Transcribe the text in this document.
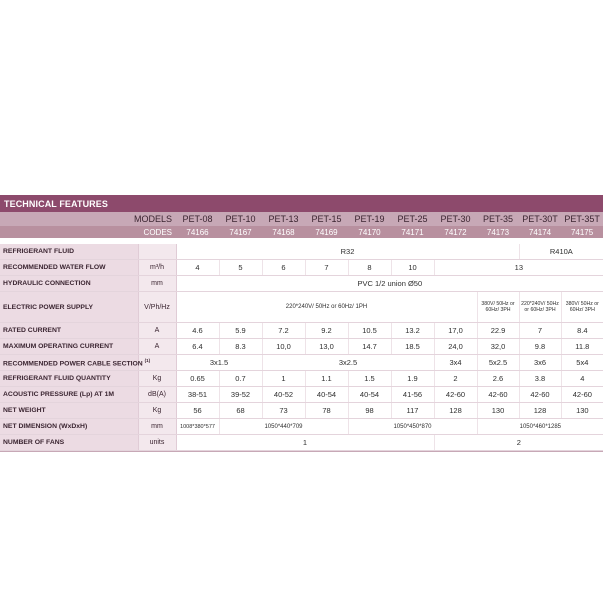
TECHNICAL FEATURES											
MODELS		PET-08	PET-10	PET-13	PET-15	PET-19	PET-25	PET-30	PET-35	PET-30T	PET-35T
CODES		74166	74167	74168	74169	74170	74171	74172	74173	74174	74175

REFRIGERANT FLUID		R32								R410A	
RECOMMENDED WATER FLOW	m³/h	4	5	6	7	8	10	13			
HYDRAULIC CONNECTION	mm	PVC 1/2 union Ø50									
ELECTRIC POWER SUPPLY	V/Ph/Hz	220*240V/ 50Hz or 60Hz/ 1PH							380V/ 50Hz or 60Hz/ 3PH	220*240V/ 50Hz or 60Hz/ 3PH	380V/ 50Hz or 60Hz/ 3PH
RATED CURRENT	A	4.6	5.9	7.2	9.2	10.5	13.2	17,0	22.9	7	8.4
MAXIMUM OPERATING CURRENT	A	6.4	8.3	10,0	13,0	14.7	18.5	24,0	32,0	9.8	11.8
RECOMMENDED POWER CABLE SECTION $^{(1)}$		3x1.5		3x2.5				3x4	5x2.5	3x6	5x4
REFRIGERANT FLUID QUANTITY	Kg	0.65	0.7	1	1.1	1.5	1.9	2	2.6	3.8	4
ACOUSTIC PRESSURE (Lp) AT 1M	dB(A)	38-51	39-52	40-52	40-54	40-54	41-56	42-60	42-60	42-60	42-60
NET WEIGHT	Kg	56	68	73	78	98	117	128	130	128	130
NET DIMENSION (WxDxH)	mm	1008*380*577	1050*440*709			1050*450*870			1050*460*1285		
NUMBER OF FANS	units	1						2			
